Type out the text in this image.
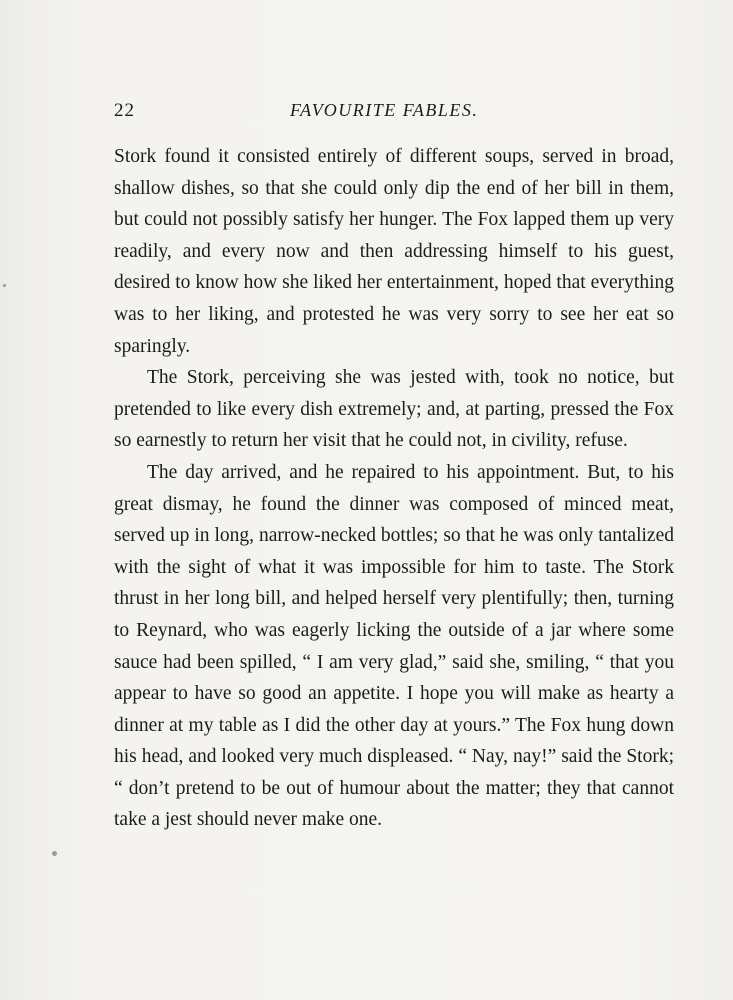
22	FAVOURITE FABLES.

Stork found it consisted entirely of different soups, served in broad, shallow dishes, so that she could only dip the end of her bill in them, but could not possibly satisfy her hunger. The Fox lapped them up very readily, and every now and then addressing himself to his guest, desired to know how she liked her entertainment, hoped that everything was to her liking, and protested he was very sorry to see her eat so sparingly.

The Stork, perceiving she was jested with, took no notice, but pretended to like every dish extremely; and, at parting, pressed the Fox so earnestly to return her visit that he could not, in civility, refuse.

The day arrived, and he repaired to his appointment. But, to his great dismay, he found the dinner was composed of minced meat, served up in long, narrow-necked bottles; so that he was only tantalized with the sight of what it was impossible for him to taste. The Stork thrust in her long bill, and helped herself very plentifully; then, turning to Reynard, who was eagerly licking the outside of a jar where some sauce had been spilled, “ I am very glad,” said she, smiling, “ that you appear to have so good an appetite. I hope you will make as hearty a dinner at my table as I did the other day at yours.” The Fox hung down his head, and looked very much displeased. “ Nay, nay!” said the Stork; “ don’t pretend to be out of humour about the matter; they that cannot take a jest should never make one.
